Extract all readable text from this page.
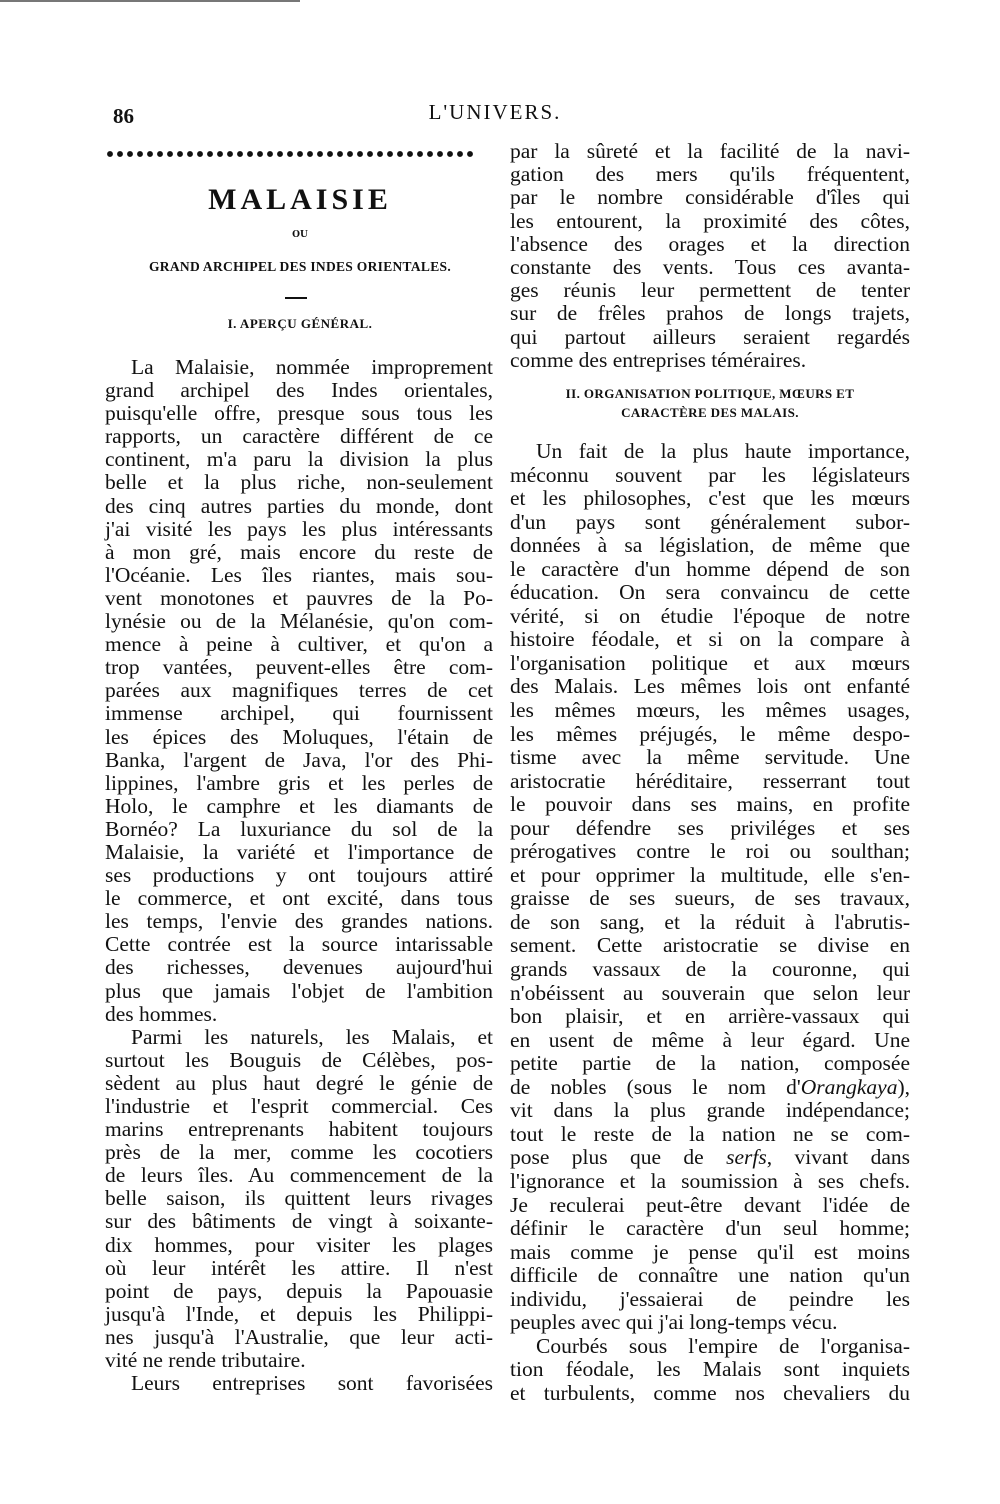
86	L'UNIVERS.
MALAISIE
OU
GRAND ARCHIPEL DES INDES ORIENTALES.
I. APERÇU GÉNÉRAL.
La Malaisie, nommée improprement
grand archipel des Indes orientales,
puisqu'elle offre, presque sous tous les
rapports, un caractère différent de ce
continent, m'a paru la division la plus
belle et la plus riche, non-seulement
des cinq autres parties du monde, dont
j'ai visité les pays les plus intéressants
à mon gré, mais encore du reste de
l'Océanie. Les îles riantes, mais sou-
vent monotones et pauvres de la Po-
lynésie ou de la Mélanésie, qu'on com-
mence à peine à cultiver, et qu'on a
trop vantées, peuvent-elles être com-
parées aux magnifiques terres de cet
immense archipel, qui fournissent
les épices des Moluques, l'étain de
Banka, l'argent de Java, l'or des Phi-
lippines, l'ambre gris et les perles de
Holo, le camphre et les diamants de
Bornéo? La luxuriance du sol de la
Malaisie, la variété et l'importance de
ses productions y ont toujours attiré
le commerce, et ont excité, dans tous
les temps, l'envie des grandes nations.
Cette contrée est la source intarissable
des richesses, devenues aujourd'hui
plus que jamais l'objet de l'ambition
des hommes.
Parmi les naturels, les Malais, et
surtout les Bouguis de Célèbes, pos-
sèdent au plus haut degré le génie de
l'industrie et l'esprit commercial. Ces
marins entreprenants habitent toujours
près de la mer, comme les cocotiers
de leurs îles. Au commencement de la
belle saison, ils quittent leurs rivages
sur des bâtiments de vingt à soixante-
dix hommes, pour visiter les plages
où leur intérêt les attire. Il n'est
point de pays, depuis la Papouasie
jusqu'à l'Inde, et depuis les Philippi-
nes jusqu'à l'Australie, que leur acti-
vité ne rende tributaire.
Leurs entreprises sont favorisées
par la sûreté et la facilité de la navi-
gation des mers qu'ils fréquentent,
par le nombre considérable d'îles qui
les entourent, la proximité des côtes,
l'absence des orages et la direction
constante des vents. Tous ces avanta-
ges réunis leur permettent de tenter
sur de frêles prahos de longs trajets,
qui partout ailleurs seraient regardés
comme des entreprises téméraires.
II. ORGANISATION POLITIQUE, MŒURS ET
CARACTÈRE DES MALAIS.
Un fait de la plus haute importance,
méconnu souvent par les législateurs
et les philosophes, c'est que les mœurs
d'un pays sont généralement subor-
données à sa législation, de même que
le caractère d'un homme dépend de son
éducation. On sera convaincu de cette
vérité, si on étudie l'époque de notre
histoire féodale, et si on la compare à
l'organisation politique et aux mœurs
des Malais. Les mêmes lois ont enfanté
les mêmes mœurs, les mêmes usages,
les mêmes préjugés, le même despo-
tisme avec la même servitude. Une
aristocratie héréditaire, resserrant tout
le pouvoir dans ses mains, en profite
pour défendre ses priviléges et ses
prérogatives contre le roi ou soulthan;
et pour opprimer la multitude, elle s'en-
graisse de ses sueurs, de ses travaux,
de son sang, et la réduit à l'abrutis-
sement. Cette aristocratie se divise en
grands vassaux de la couronne, qui
n'obéissent au souverain que selon leur
bon plaisir, et en arrière-vassaux qui
en usent de même à leur égard. Une
petite partie de la nation, composée
de nobles (sous le nom d'Orangkaya),
vit dans la plus grande indépendance;
tout le reste de la nation ne se com-
pose plus que de serfs, vivant dans
l'ignorance et la soumission à ses chefs.
Je reculerai peut-être devant l'idée de
définir le caractère d'un seul homme;
mais comme je pense qu'il est moins
difficile de connaître une nation qu'un
individu, j'essaierai de peindre les
peuples avec qui j'ai long-temps vécu.
Courbés sous l'empire de l'organisa-
tion féodale, les Malais sont inquiets
et turbulents, comme nos chevaliers du
